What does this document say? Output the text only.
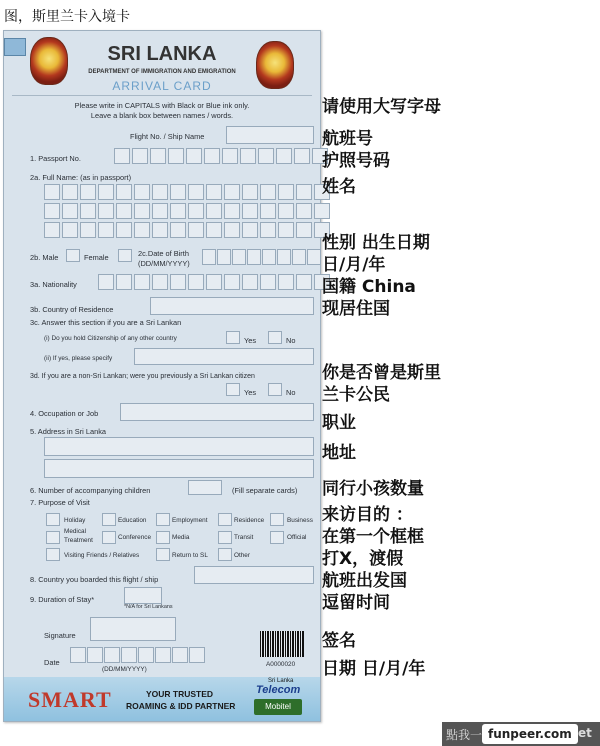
图，斯里兰卡入境卡
SRI LANKA
DEPARTMENT OF IMMIGRATION AND EMIGRATION
ARRIVAL CARD
Please write in CAPITALS with Black or Blue ink only.
Leave a blank box between names / words.
Flight No. / Ship Name
1. Passport No.
2a. Full Name: (as in passport)
2b. Male	Female	2c.Date of Birth
(DD/MM/YYYY)
3a. Nationality
3b. Country of Residence
3c. Answer this section if you are a Sri Lankan
(i) Do you hold Citizenship of any other country	Yes	No
(ii) If yes, please specify
3d. If you are a non-Sri Lankan; were you previously a Sri Lankan citizen
Yes	No
4. Occupation or Job
5. Address in Sri Lanka
6. Number of accompanying children	(Fill separate cards)
7. Purpose of Visit
Holiday	Education	Employment	Residence	Business
Medical
Treatment	Conference	Media	Transit	Official
Visiting Friends / Relatives	Return to SL	Other
8. Country you boarded this flight / ship
9. Duration of Stay*
*N/A for Sri Lankans
Signature
A0000020
Date
(DD/MM/YYYY)
SMART	YOUR TRUSTED
ROAMING & IDD PARTNER
Sri Lanka
Telecom
Mobitel
请使用大写字母
航班号
护照号码
姓名
性别 出生日期
日/月/年
国籍 China
现居住国
你是否曾是斯里
兰卡公民
职业
地址
同行小孩数量
来访目的 ：
在第一个框框
打X，渡假
航班出发国
逗留时间
签名
日期 日/月/年
點我一 funpeer.com et
